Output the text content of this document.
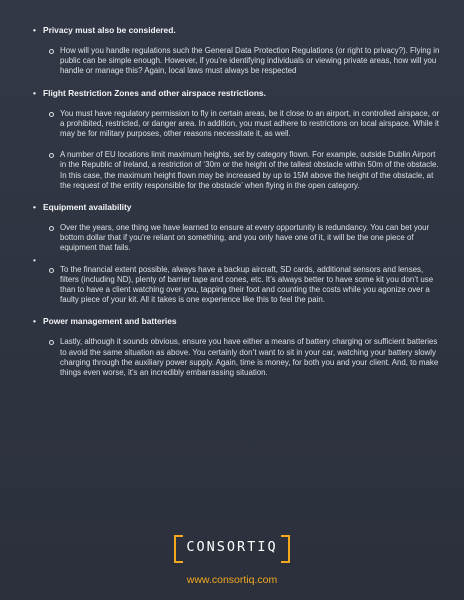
• Privacy must also be considered.
How will you handle regulations such the General Data Protection Regulations (or right to privacy?). Flying in public can be simple enough. However, if you’re identifying individuals or viewing private areas, how will you handle or manage this? Again, local laws must always be respected
• Flight Restriction Zones and other airspace restrictions.
You must have regulatory permission to fly in certain areas, be it close to an airport, in controlled airspace, or a prohibited, restricted, or danger area. In addition, you must adhere to restrictions on local airspace. While it may be for military purposes, other reasons necessitate it, as well.
A number of EU locations limit maximum heights, set by category flown. For example, outside Dublin Airport in the Republic of Ireland, a restriction of ‘30m or the height of the tallest obstacle within 50m of the obstacle. In this case, the maximum height flown may be increased by up to 15M above the height of the obstacle, at the request of the entity responsible for the obstacle’ when flying in the open category.
• Equipment availability
Over the years, one thing we have learned to ensure at every opportunity is redundancy. You can bet your bottom dollar that if you’re reliant on something, and you only have one of it, it will be the one piece of equipment that fails.
•
To the financial extent possible, always have a backup aircraft, SD cards, additional sensors and lenses, filters (including ND), plenty of barrier tape and cones, etc. It’s always better to have some kit you don’t use than to have a client watching over you, tapping their foot and counting the costs while you agonize over a faulty piece of your kit. All it takes is one experience like this to feel the pain.
• Power management and batteries
Lastly, although it sounds obvious, ensure you have either a means of battery charging or sufficient batteries to avoid the same situation as above. You certainly don’t want to sit in your car, watching your battery slowly charging through the auxiliary power supply. Again, time is money, for both you and your client. And, to make things even worse, it’s an incredibly embarrassing situation.
CONSORTIQ
www.consortiq.com
